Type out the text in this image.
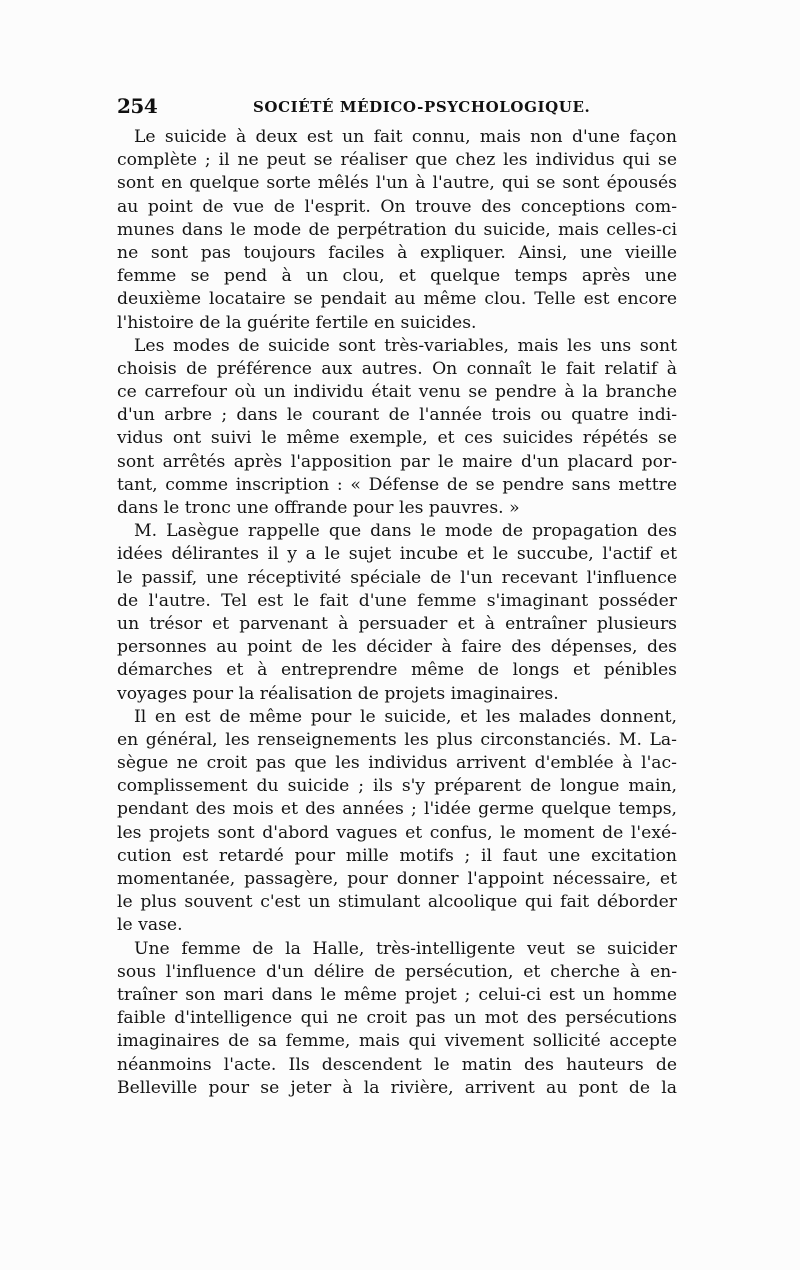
254	SOCIÉTÉ MÉDICO-PSYCHOLOGIQUE.
Le suicide à deux est un fait connu, mais non d'une façon
complète ; il ne peut se réaliser que chez les individus qui se
sont en quelque sorte mêlés l'un à l'autre, qui se sont épousés
au point de vue de l'esprit. On trouve des conceptions com-
munes dans le mode de perpétration du suicide, mais celles-ci
ne sont pas toujours faciles à expliquer. Ainsi, une vieille
femme se pend à un clou, et quelque temps après une
deuxième locataire se pendait au même clou. Telle est encore
l'histoire de la guérite fertile en suicides.
Les modes de suicide sont très-variables, mais les uns sont
choisis de préférence aux autres. On connaît le fait relatif à
ce carrefour où un individu était venu se pendre à la branche
d'un arbre ; dans le courant de l'année trois ou quatre indi-
vidus ont suivi le même exemple, et ces suicides répétés se
sont arrêtés après l'apposition par le maire d'un placard por-
tant, comme inscription : « Défense de se pendre sans mettre
dans le tronc une offrande pour les pauvres. »
M. Lasègue rappelle que dans le mode de propagation des
idées délirantes il y a le sujet incube et le succube, l'actif et
le passif, une réceptivité spéciale de l'un recevant l'influence
de l'autre. Tel est le fait d'une femme s'imaginant posséder
un trésor et parvenant à persuader et à entraîner plusieurs
personnes au point de les décider à faire des dépenses, des
démarches et à entreprendre même de longs et pénibles
voyages pour la réalisation de projets imaginaires.
Il en est de même pour le suicide, et les malades donnent,
en général, les renseignements les plus circonstanciés. M. La-
sègue ne croit pas que les individus arrivent d'emblée à l'ac-
complissement du suicide ; ils s'y préparent de longue main,
pendant des mois et des années ; l'idée germe quelque temps,
les projets sont d'abord vagues et confus, le moment de l'exé-
cution est retardé pour mille motifs ; il faut une excitation
momentanée, passagère, pour donner l'appoint nécessaire, et
le plus souvent c'est un stimulant alcoolique qui fait déborder
le vase.
Une femme de la Halle, très-intelligente veut se suicider
sous l'influence d'un délire de persécution, et cherche à en-
traîner son mari dans le même projet ; celui-ci est un homme
faible d'intelligence qui ne croit pas un mot des persécutions
imaginaires de sa femme, mais qui vivement sollicité accepte
néanmoins l'acte. Ils descendent le matin des hauteurs de
Belleville pour se jeter à la rivière, arrivent au pont de la
